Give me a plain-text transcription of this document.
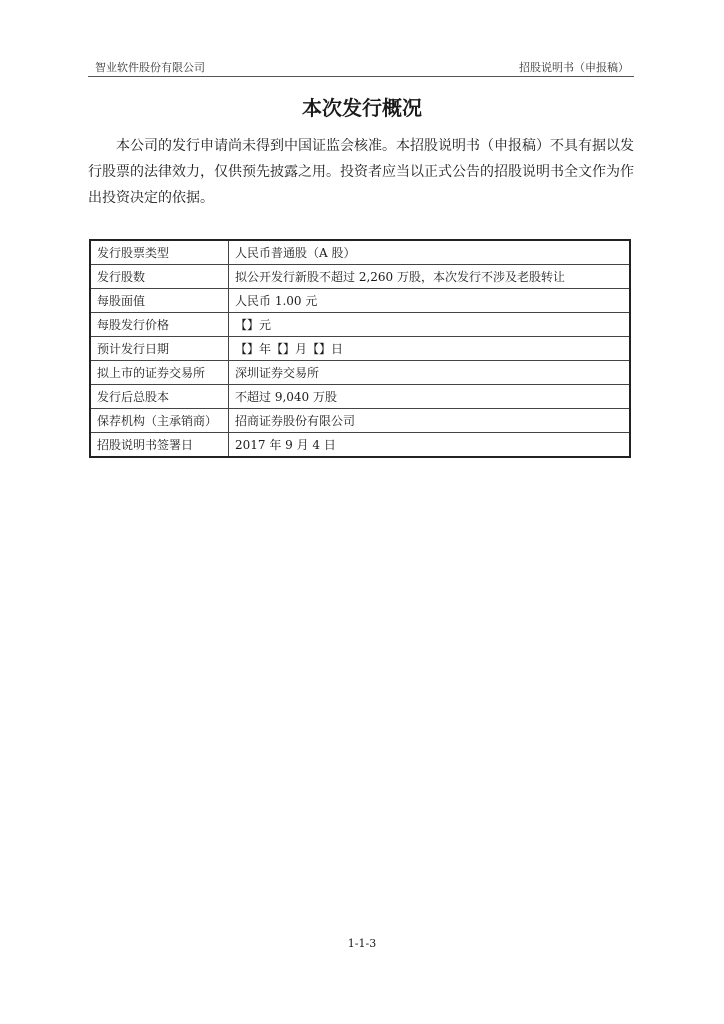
智业软件股份有限公司	招股说明书（申报稿）
本次发行概况
本公司的发行申请尚未得到中国证监会核准。本招股说明书（申报稿）不具有据以发行股票的法律效力，仅供预先披露之用。投资者应当以正式公告的招股说明书全文作为作出投资决定的依据。
发行股票类型	人民币普通股（A 股）
发行股数	拟公开发行新股不超过 2,260 万股，本次发行不涉及老股转让
每股面值	人民币 1.00 元
每股发行价格	【】元
预计发行日期	【】年【】月【】日
拟上市的证券交易所	深圳证券交易所
发行后总股本	不超过 9,040 万股
保荐机构（主承销商）	招商证券股份有限公司
招股说明书签署日	2017 年 9 月 4 日
1-1-3
